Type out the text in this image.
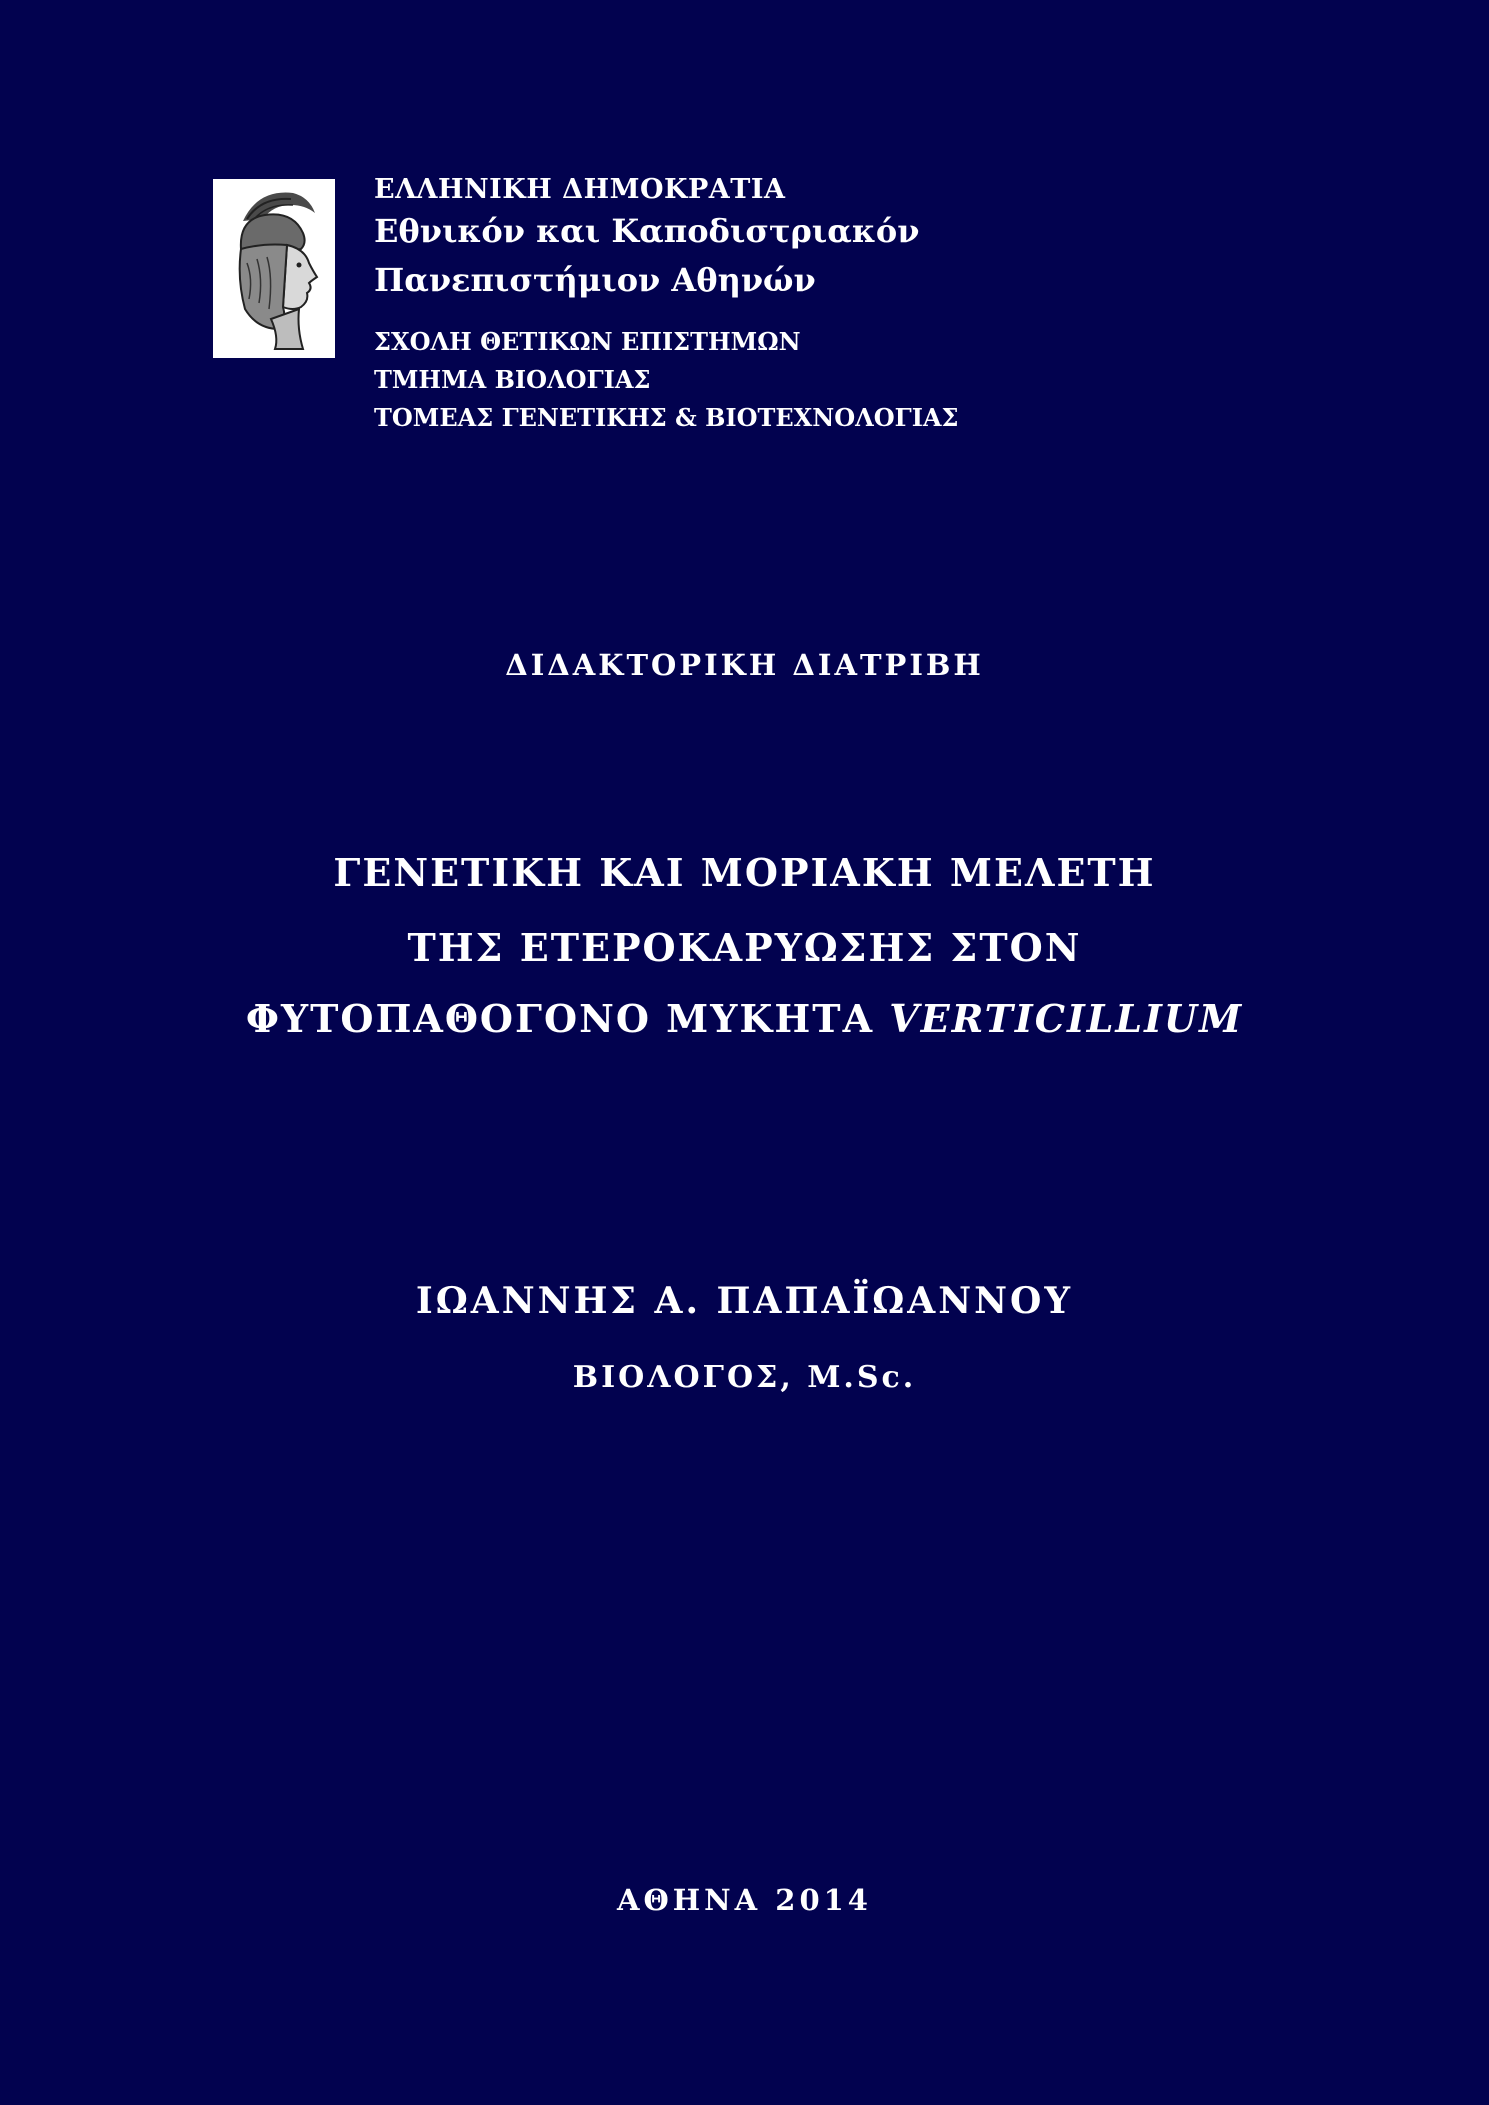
ΕΛΛΗΝΙΚΗ ΔΗΜΟΚΡΑΤΙΑ
Εθνικόν και Καποδιστριακόν
Πανεπιστήμιον Αθηνών
ΣΧΟΛΗ ΘΕΤΙΚΩΝ ΕΠΙΣΤΗΜΩΝ
ΤΜΗΜΑ ΒΙΟΛΟΓΙΑΣ
ΤΟΜΕΑΣ ΓΕΝΕΤΙΚΗΣ & ΒΙΟΤΕΧΝΟΛΟΓΙΑΣ
ΔΙΔΑΚΤΟΡΙΚΗ ΔΙΑΤΡΙΒΗ
ΓΕΝΕΤΙΚΗ ΚΑΙ ΜΟΡΙΑΚΗ ΜΕΛΕΤΗ
ΤΗΣ ΕΤΕΡΟΚΑΡΥΩΣΗΣ ΣΤΟΝ
ΦΥΤΟΠΑΘΟΓΟΝΟ ΜΥΚΗΤΑ VERTICILLIUM
ΙΩΑΝΝΗΣ Α. ΠΑΠΑΪΩΑΝΝΟΥ
ΒΙΟΛΟΓΟΣ, M.Sc.
ΑΘΗΝΑ 2014
